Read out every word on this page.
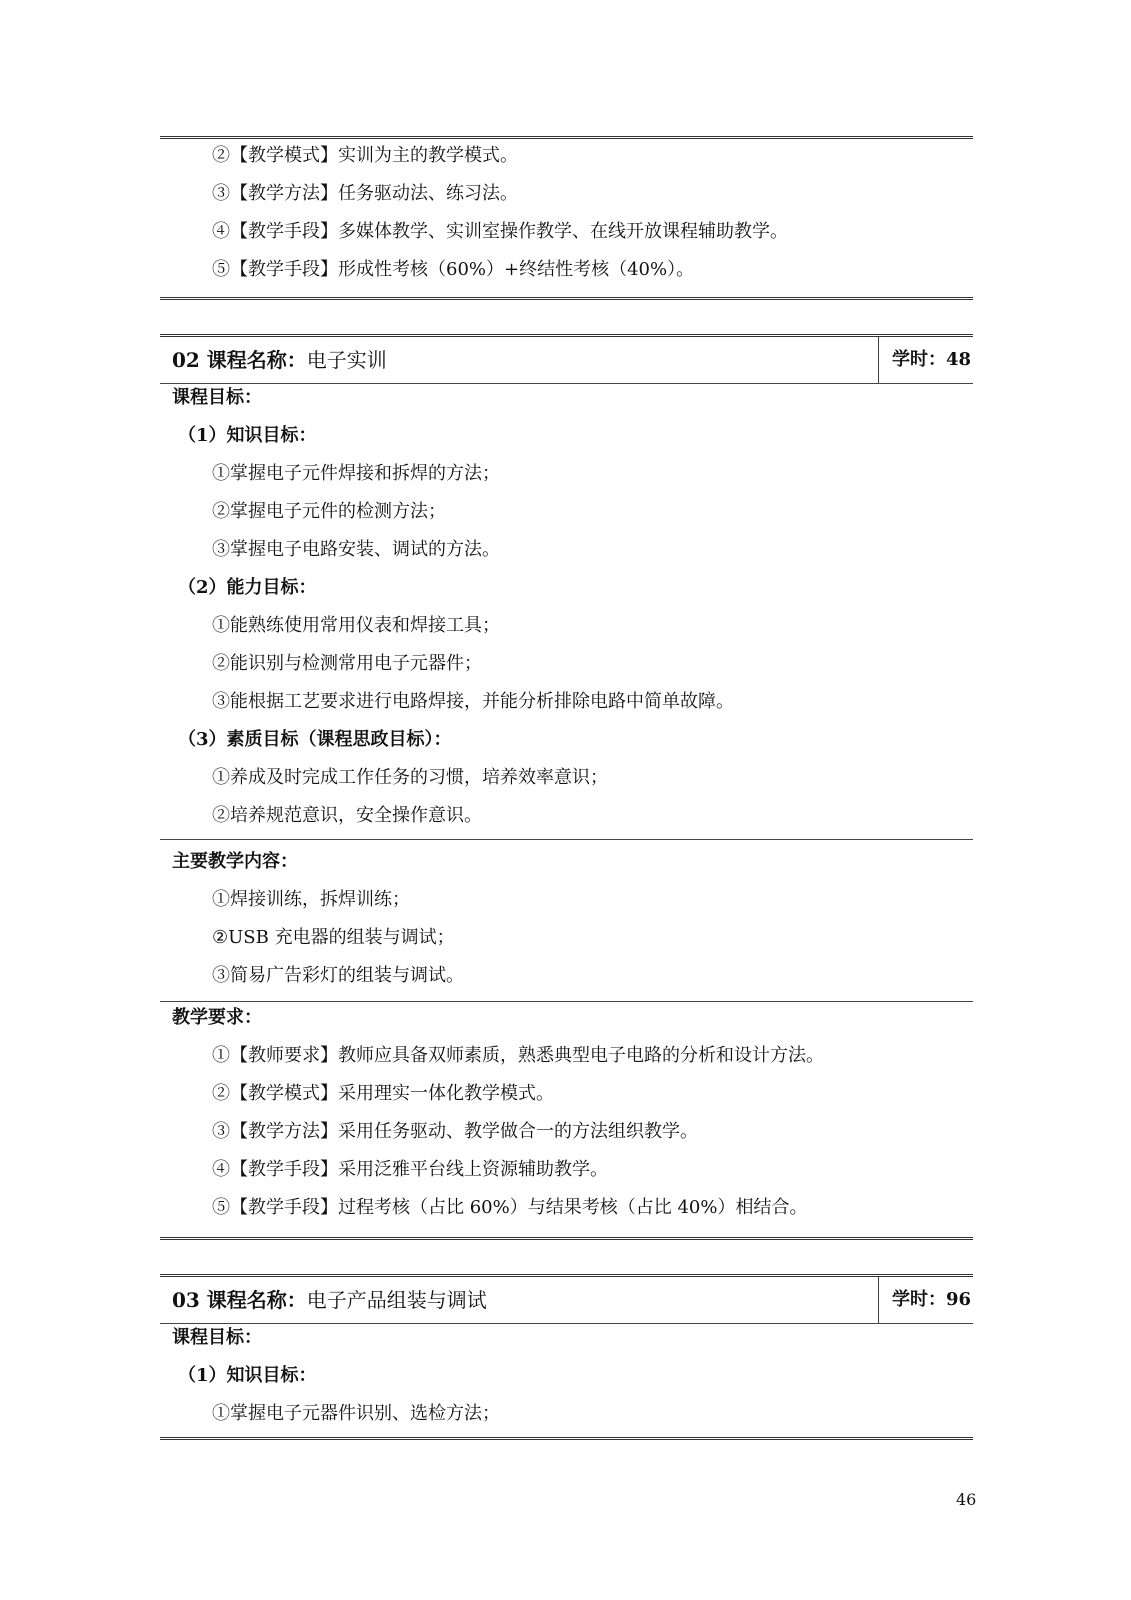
②【教学模式】实训为主的教学模式。
③【教学方法】任务驱动法、练习法。
④【教学手段】多媒体教学、实训室操作教学、在线开放课程辅助教学。
⑤【教学手段】形成性考核（60%）+终结性考核（40%）。
02 课程名称：电子实训	学时：48
课程目标：
（1）知识目标：
①掌握电子元件焊接和拆焊的方法；
②掌握电子元件的检测方法；
③掌握电子电路安装、调试的方法。
（2）能力目标：
①能熟练使用常用仪表和焊接工具；
②能识别与检测常用电子元器件；
③能根据工艺要求进行电路焊接，并能分析排除电路中简单故障。
（3）素质目标（课程思政目标）：
①养成及时完成工作任务的习惯，培养效率意识；
②培养规范意识，安全操作意识。
主要教学内容：
①焊接训练，拆焊训练；
②USB 充电器的组装与调试；
③简易广告彩灯的组装与调试。
教学要求：
①【教师要求】教师应具备双师素质，熟悉典型电子电路的分析和设计方法。
②【教学模式】采用理实一体化教学模式。
③【教学方法】采用任务驱动、教学做合一的方法组织教学。
④【教学手段】采用泛雅平台线上资源辅助教学。
⑤【教学手段】过程考核（占比 60%）与结果考核（占比 40%）相结合。
03 课程名称：电子产品组装与调试	学时：96
课程目标：
（1）知识目标：
①掌握电子元器件识别、选检方法；
46
